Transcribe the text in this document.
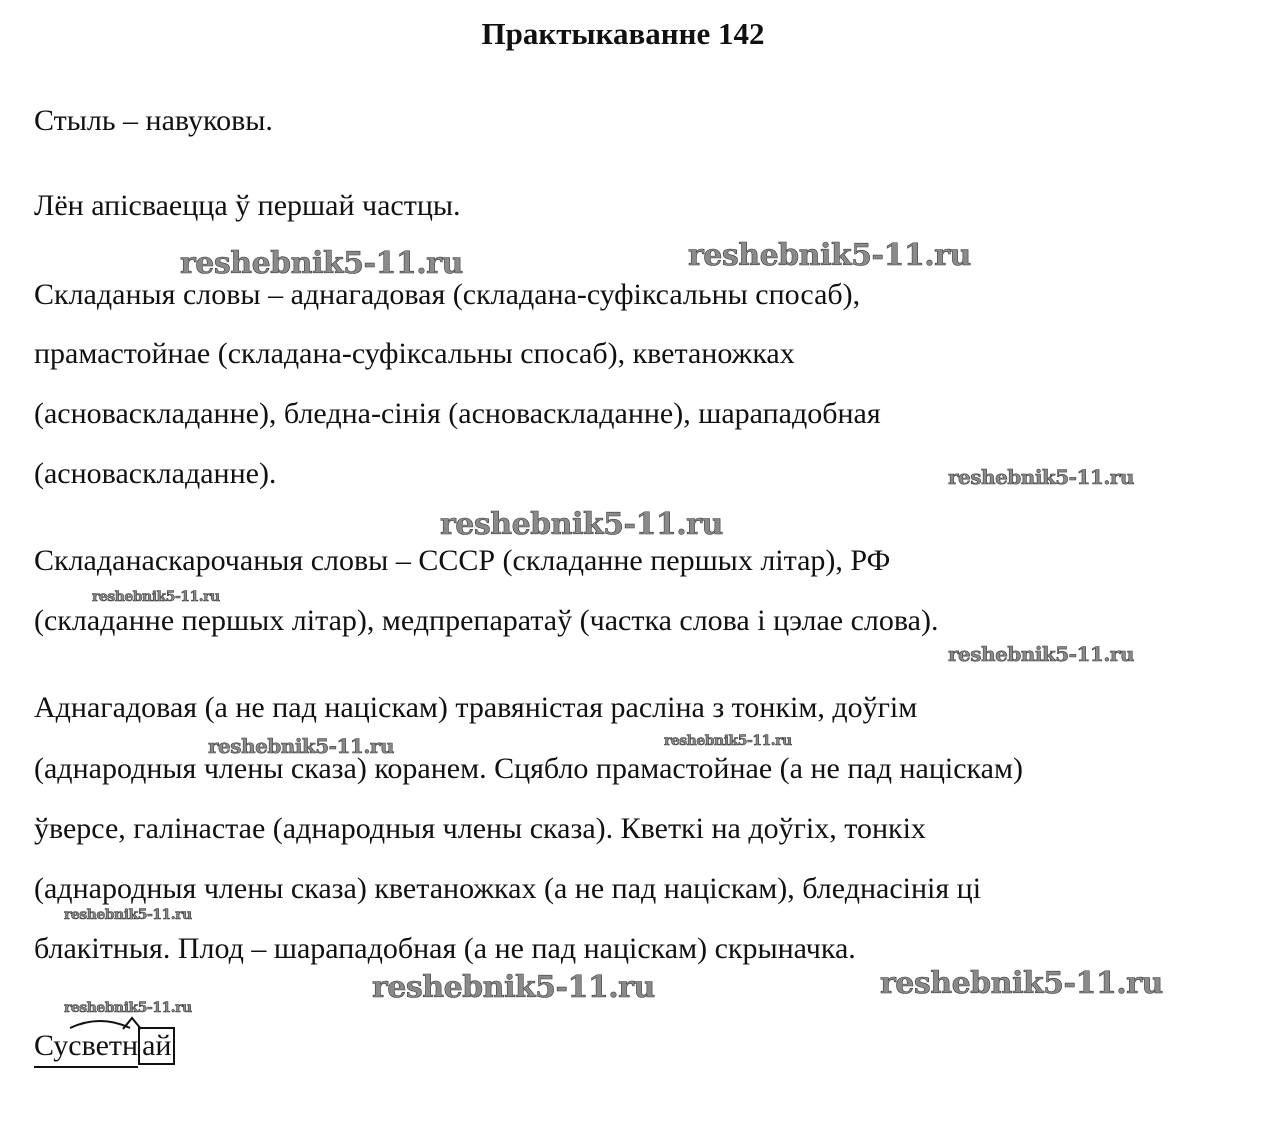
Практыкаванне 142
Стыль – навуковы.
Лён апісваецца ў першай частцы.
Складаныя словы – аднагадовая (складана-суфіксальны спосаб),
прамастойнае (складана-суфіксальны спосаб), кветаножках
(асноваскладанне), бледна-сінія (асноваскладанне), шарападобная
(асноваскладанне).
Складанаскарочаныя словы – СССР (складанне першых літар), РФ
(складанне першых літар), медпрепаратаў (частка слова і цэлае слова).
Аднагадовая (а не пад націскам) травяністая расліна з тонкім, доўгім
(аднародныя члены сказа) коранем. Сцябло прамастойнае (а не пад націскам)
ўверсе, галінастае (аднародныя члены сказа). Кветкі на доўгіх, тонкіх
(аднародныя члены сказа) кветаножках (а не пад націскам), бледнасінія ці
блакітныя. Плод – шарападобная (а не пад націскам) скрыначка.
Су
свет
н ай
reshebnik5-11.ru	reshebnik5-11.ru
reshebnik5-11.ru
reshebnik5-11.ru
reshebnik5-11.ru
reshebnik5-11.ru
reshebnik5-11.ru	reshebnik5-11.ru
reshebnik5-11.ru
reshebnik5-11.ru	reshebnik5-11.ru
reshebnik5-11.ru
